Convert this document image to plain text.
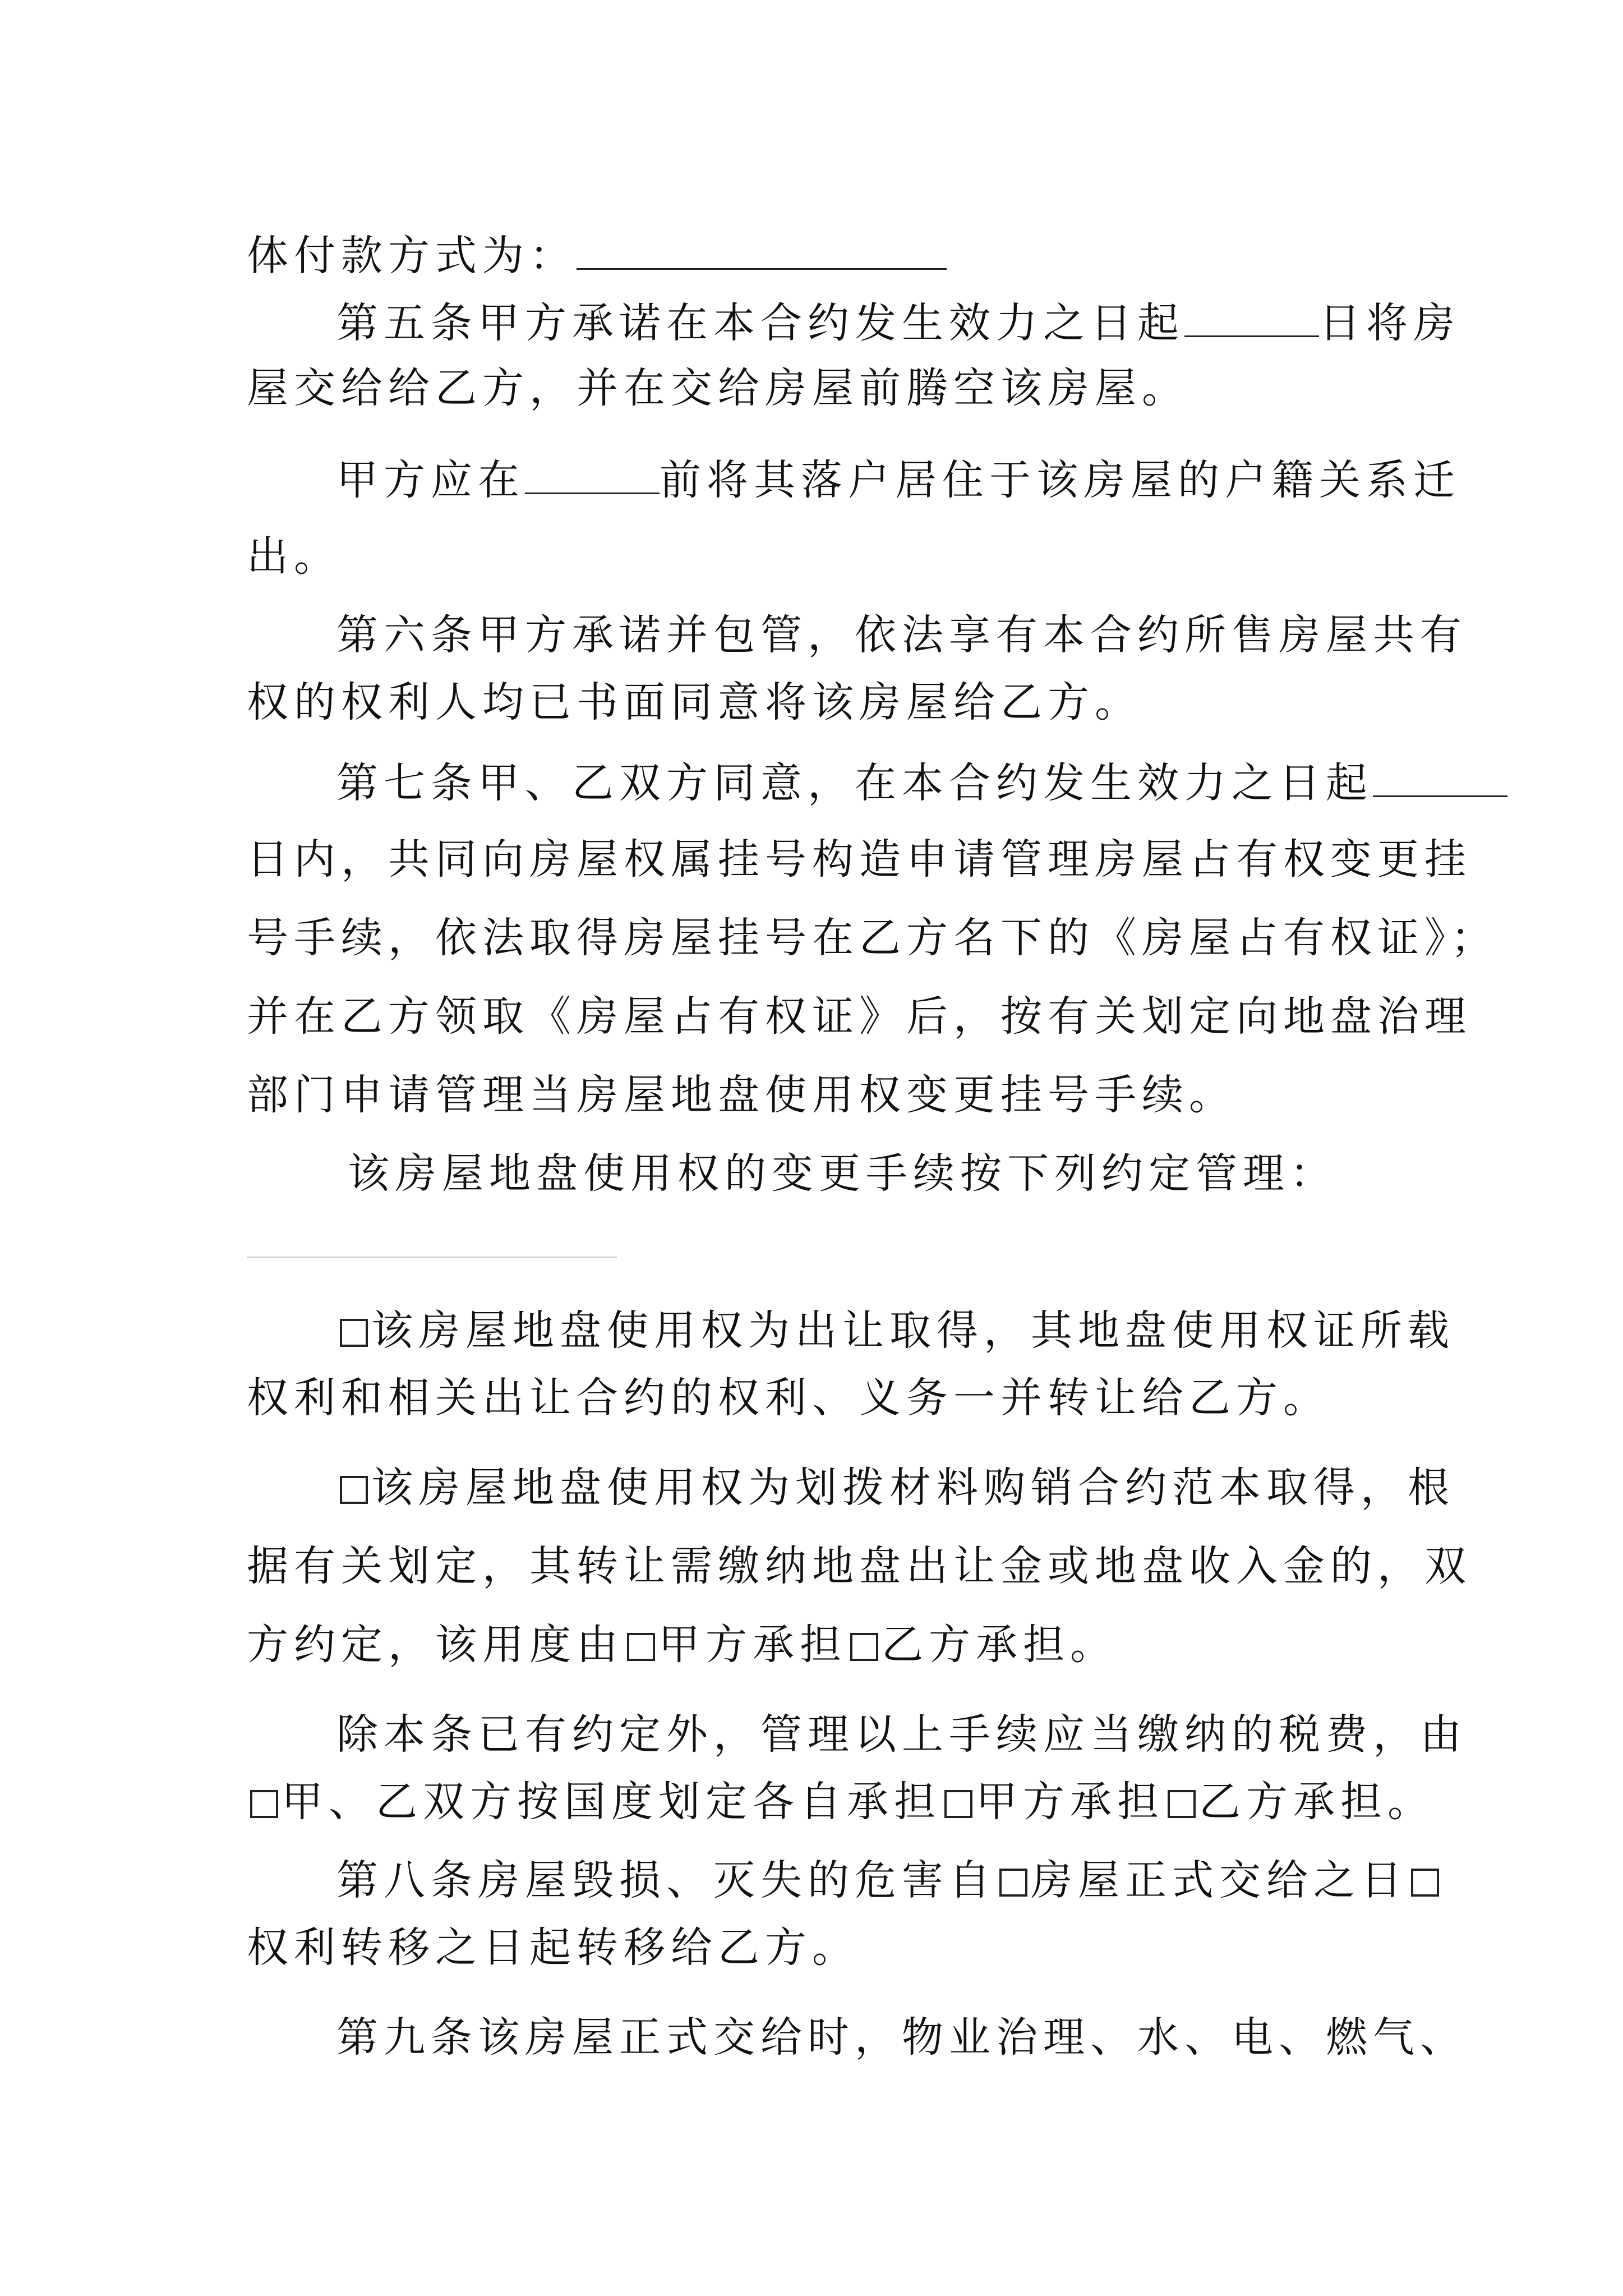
体付款方式为：
第五条甲方承诺在本合约发生效力之日起	日将房
屋交给给乙方，并在交给房屋前腾空该房屋。
甲方应在	前将其落户居住于该房屋的户籍关系迁
出。
第六条甲方承诺并包管，依法享有本合约所售房屋共有
权的权利人均已书面同意将该房屋给乙方。
第七条甲、乙双方同意，在本合约发生效力之日起
日内，共同向房屋权属挂号构造申请管理房屋占有权变更挂
号手续，依法取得房屋挂号在乙方名下的《房屋占有权证》；
并在乙方领取《房屋占有权证》后，按有关划定向地盘治理
部门申请管理当房屋地盘使用权变更挂号手续。
该房屋地盘使用权的变更手续按下列约定管理：
该房屋地盘使用权为出让取得，其地盘使用权证所载
权利和相关出让合约的权利、义务一并转让给乙方。
该房屋地盘使用权为划拨材料购销合约范本取得，根
据有关划定，其转让需缴纳地盘出让金或地盘收入金的，双
方约定，该用度由 甲方承担 乙方承担。
除本条已有约定外，管理以上手续应当缴纳的税费，由
甲、乙双方按国度划定各自承担 甲方承担 乙方承担。
第八条房屋毁损、灭失的危害自 房屋正式交给之日
权利转移之日起转移给乙方。
第九条该房屋正式交给时，物业治理、水、电、燃气、
